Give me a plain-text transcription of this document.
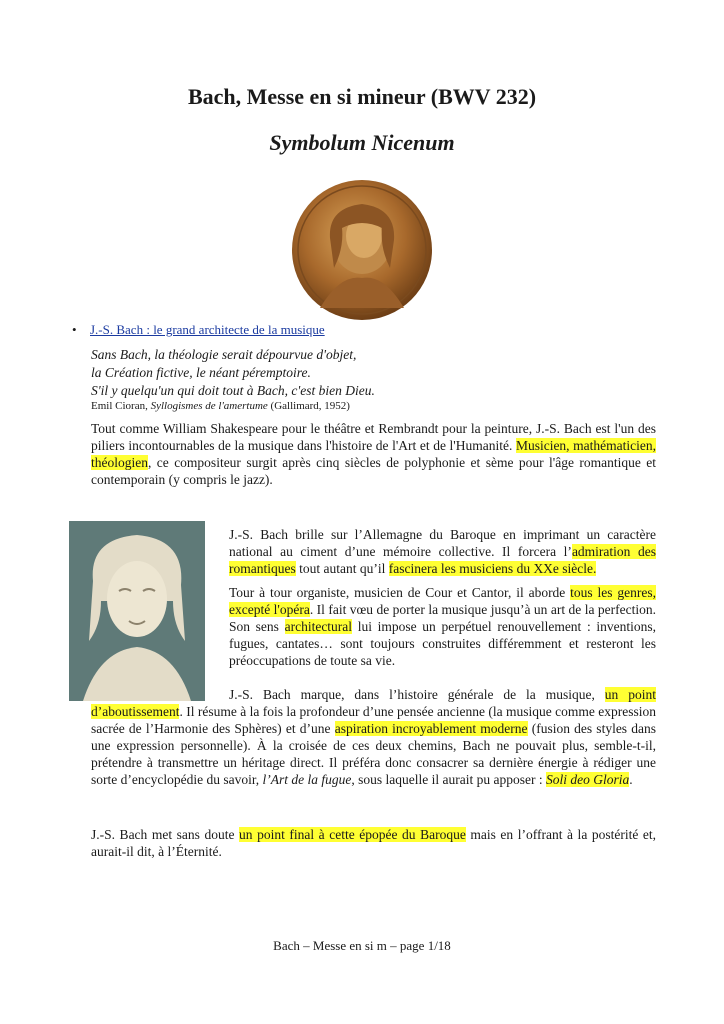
Bach, Messe en si mineur (BWV 232)
Symbolum Nicenum
• J.-S. Bach : le grand architecte de la musique
Sans Bach, la théologie serait dépourvue d'objet,
la Création fictive, le néant péremptoire.
S'il y quelqu'un qui doit tout à Bach, c'est bien Dieu.
Emil Cioran, Syllogismes de l'amertume (Gallimard, 1952)
Tout comme William Shakespeare pour le théâtre et Rembrandt pour la peinture, J.-S. Bach est l'un des piliers incontournables de la musique dans l'histoire de l'Art et de l'Humanité. Musicien, mathématicien, théologien, ce compositeur surgit après cinq siècles de polyphonie et sème pour l'âge romantique et contemporain (y compris le jazz).
J.-S. Bach brille sur l’Allemagne du Baroque en imprimant un caractère national au ciment d’une mémoire collective. Il forcera l’admiration des romantiques tout autant qu’il fascinera les musiciens du XXe siècle.
Tour à tour organiste, musicien de Cour et Cantor, il aborde tous les genres, excepté l'opéra. Il fait vœu de porter la musique jusqu’à un art de la perfection. Son sens architectural lui impose un perpétuel renouvellement : inventions, fugues, cantates… sont toujours construites différemment et resteront les préoccupations de toute sa vie.
J.-S. Bach marque, dans l’histoire générale de la musique, un point d’aboutissement. Il résume à la fois la profondeur d’une pensée ancienne (la musique comme expression sacrée de l’Harmonie des Sphères) et d’une aspiration incroyablement moderne (fusion des styles dans une expression personnelle). À la croisée de ces deux chemins, Bach ne pouvait plus, semble-t-il, prétendre à transmettre un héritage direct. Il préféra donc consacrer sa dernière énergie à rédiger une sorte d’encyclopédie du savoir, l’Art de la fugue, sous laquelle il aurait pu apposer : Soli deo Gloria.
J.-S. Bach met sans doute un point final à cette épopée du Baroque mais en l’offrant à la postérité et, aurait-il dit, à l’Éternité.
Bach – Messe en si m – page 1/18
